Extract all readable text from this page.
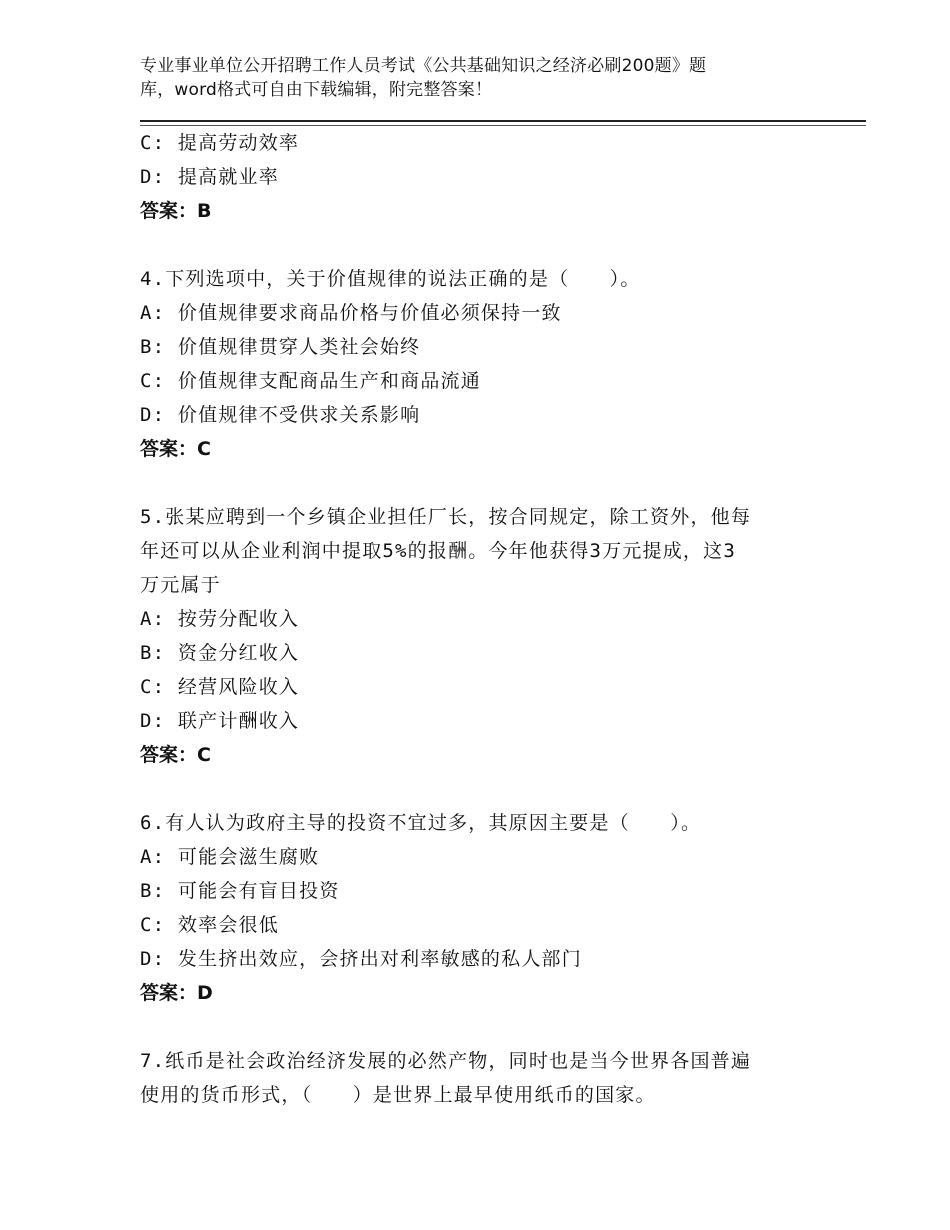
专业事业单位公开招聘工作人员考试《公共基础知识之经济必刷200题》题
库，word格式可自由下载编辑，附完整答案！
C: 提高劳动效率
D: 提高就业率
答案：B
4.下列选项中，关于价值规律的说法正确的是（　　）。
A: 价值规律要求商品价格与价值必须保持一致
B: 价值规律贯穿人类社会始终
C: 价值规律支配商品生产和商品流通
D: 价值规律不受供求关系影响
答案：C
5.张某应聘到一个乡镇企业担任厂长，按合同规定，除工资外，他每
年还可以从企业利润中提取5%的报酬。今年他获得3万元提成，这3
万元属于
A: 按劳分配收入
B: 资金分红收入
C: 经营风险收入
D: 联产计酬收入
答案：C
6.有人认为政府主导的投资不宜过多，其原因主要是（　　）。
A: 可能会滋生腐败
B: 可能会有盲目投资
C: 效率会很低
D: 发生挤出效应，会挤出对利率敏感的私人部门
答案：D
7.纸币是社会政治经济发展的必然产物，同时也是当今世界各国普遍
使用的货币形式，（　　）是世界上最早使用纸币的国家。
